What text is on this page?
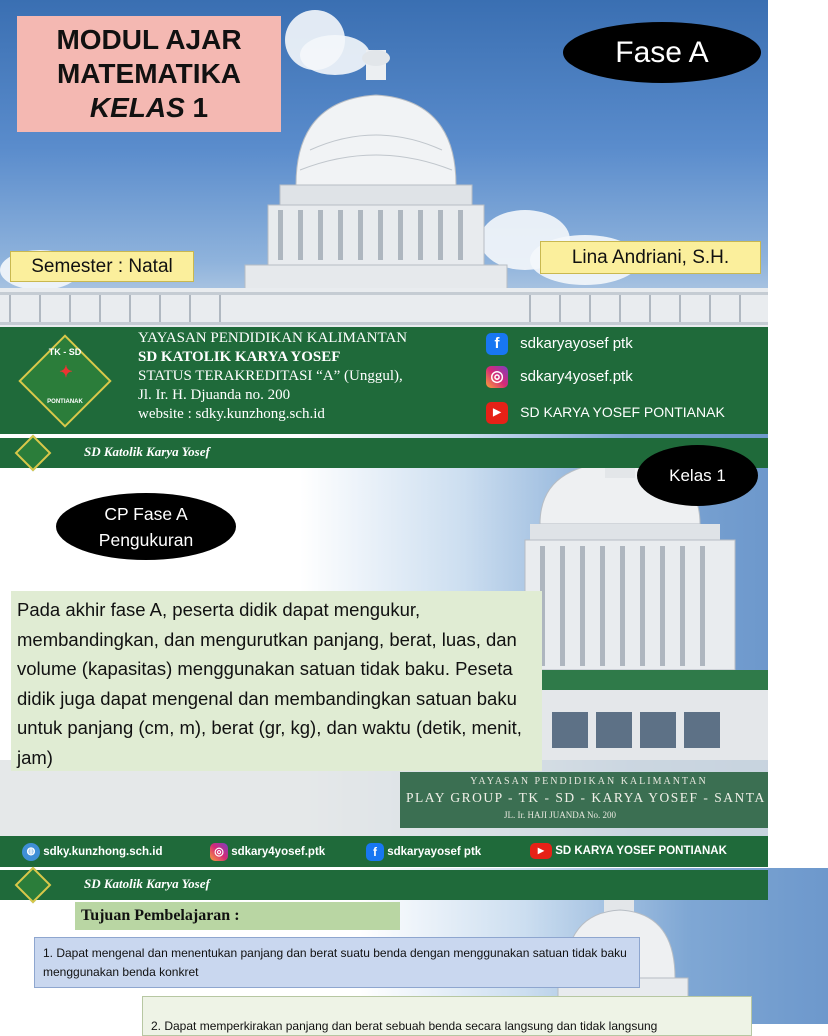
MODUL AJAR
MATEMATIKA
KELAS 1
Fase A
Semester : Natal	Lina Andriani, S.H.
TK - SD
✦
PONTIANAK
YAYASAN PENDIDIKAN KALIMANTAN
SD KATOLIK KARYA YOSEF
STATUS TERAKREDITASI “A” (Unggul),
Jl. Ir. H. Djuanda no. 200
website : sdky.kunzhong.sch.id
f sdkaryayosef ptk
◎ sdkary4yosef.ptk
▶ SD KARYA YOSEF PONTIANAK
YAYASAN PENDIDIKAN KALIMANTAN
PLAY GROUP - TK - SD - KARYA YOSEF - SANTA
JL. Ir. HAJI JUANDA No. 200
SD Katolik Karya Yosef
Kelas 1
CP Fase A
Pengukuran
Pada akhir fase A, peserta didik dapat mengukur, membandingkan, dan mengurutkan panjang, berat, luas, dan volume (kapasitas) menggunakan satuan tidak baku. Peseta didik juga dapat mengenal dan membandingkan satuan baku untuk panjang (cm, m), berat (gr, kg), dan waktu (detik, menit, jam)
◍ sdky.kunzhong.sch.id	◎ sdkary4yosef.ptk	f sdkaryayosef ptk	▶ SD KARYA YOSEF PONTIANAK
SD Katolik Karya Yosef
Tujuan Pembelajaran :
1. Dapat mengenal dan menentukan panjang dan berat suatu benda dengan menggunakan satuan tidak baku menggunakan benda konkret
2. Dapat memperkirakan panjang dan berat sebuah benda secara langsung dan tidak langsung
